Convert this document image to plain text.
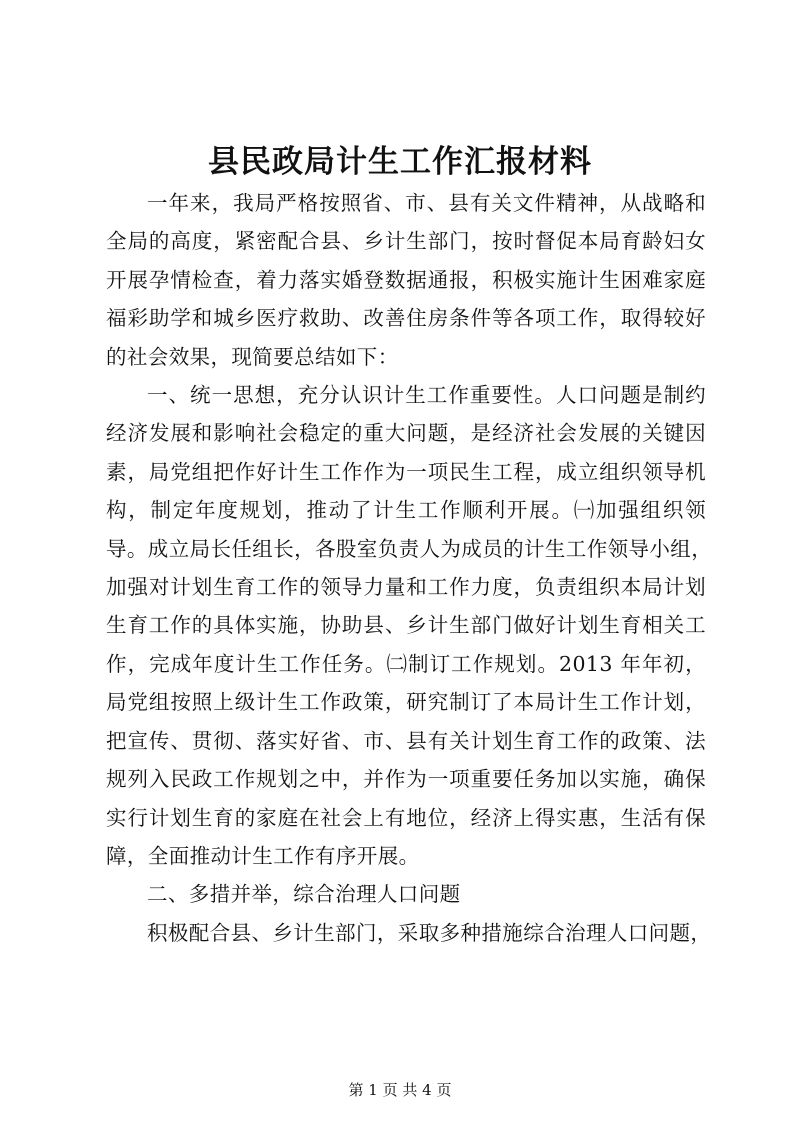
县民政局计生工作汇报材料
一年来，我局严格按照省、市、县有关文件精神，从战略和
全局的高度，紧密配合县、乡计生部门，按时督促本局育龄妇女
开展孕情检查，着力落实婚登数据通报，积极实施计生困难家庭
福彩助学和城乡医疗救助、改善住房条件等各项工作，取得较好
的社会效果，现简要总结如下：
一、统一思想，充分认识计生工作重要性。人口问题是制约
经济发展和影响社会稳定的重大问题，是经济社会发展的关键因
素，局党组把作好计生工作作为一项民生工程，成立组织领导机
构，制定年度规划，推动了计生工作顺利开展。㈠加强组织领
导。成立局长任组长，各股室负责人为成员的计生工作领导小组，
加强对计划生育工作的领导力量和工作力度，负责组织本局计划
生育工作的具体实施，协助县、乡计生部门做好计划生育相关工
作，完成年度计生工作任务。㈡制订工作规划。2013 年年初，
局党组按照上级计生工作政策，研究制订了本局计生工作计划，
把宣传、贯彻、落实好省、市、县有关计划生育工作的政策、法
规列入民政工作规划之中，并作为一项重要任务加以实施，确保
实行计划生育的家庭在社会上有地位，经济上得实惠，生活有保
障，全面推动计生工作有序开展。
二、多措并举，综合治理人口问题
积极配合县、乡计生部门，采取多种措施综合治理人口问题，
第 1 页 共 4 页
